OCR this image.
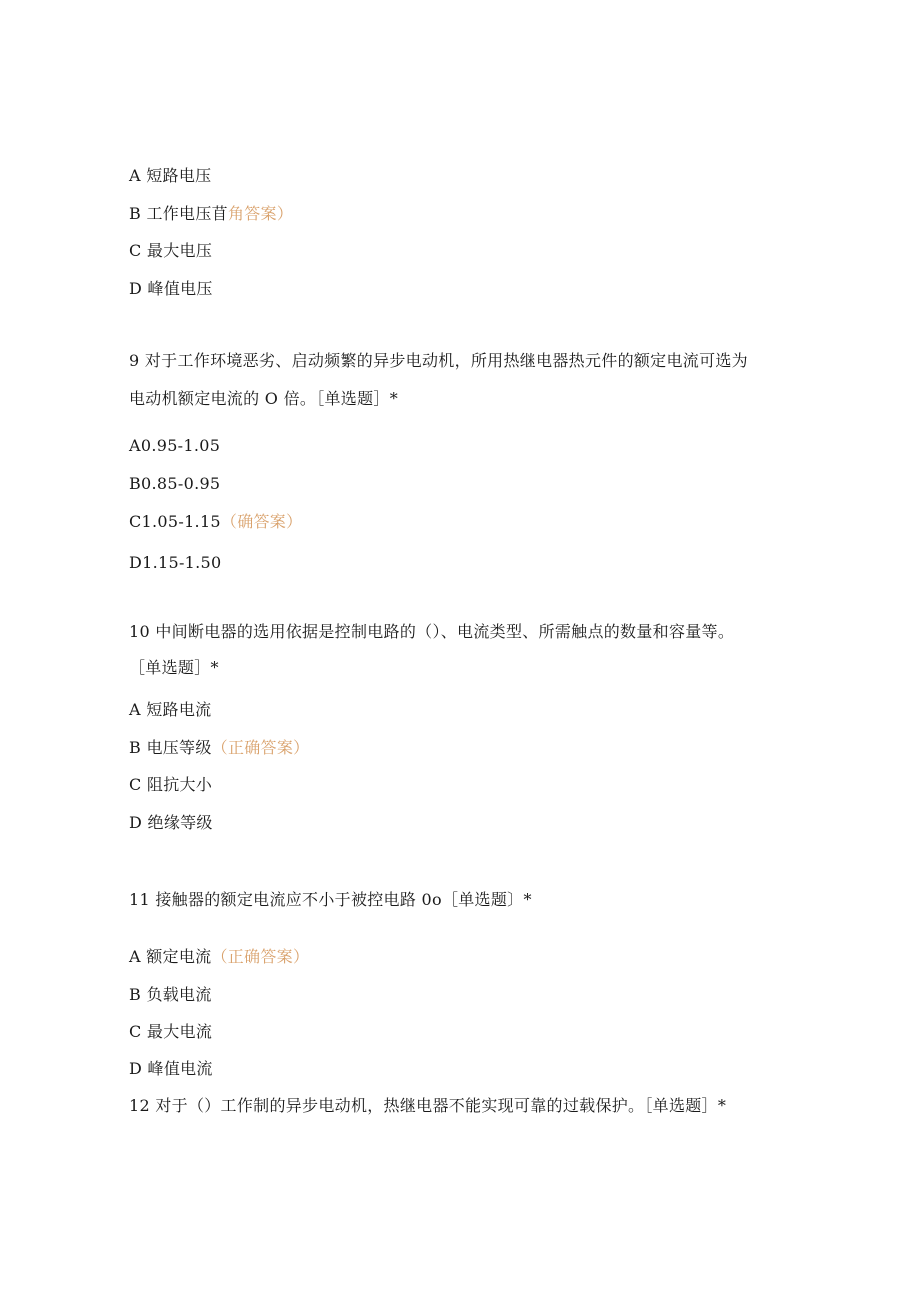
A 短路电压
B 工作电压苜角答案）
C 最大电压
D 峰值电压
9 对于工作环境恶劣、启动频繁的异步电动机，所用热继电器热元件的额定电流可选为
电动机额定电流的 O 倍。［单选题］*
A0.95-1.05
B0.85-0.95
C1.05-1.15（确答案）
D1.15-1.50
10 中间断电器的选用依据是控制电路的（）、电流类型、所需触点的数量和容量等。
［单选题］*
A 短路电流
B 电压等级（正确答案）
C 阻抗大小
D 绝缘等级
11 接触器的额定电流应不小于被控电路 0o［单选题〕*
A 额定电流（正确答案）
B 负载电流
C 最大电流
D 峰值电流
12 对于（）工作制的异步电动机，热继电器不能实现可靠的过载保护。［单选题］*
